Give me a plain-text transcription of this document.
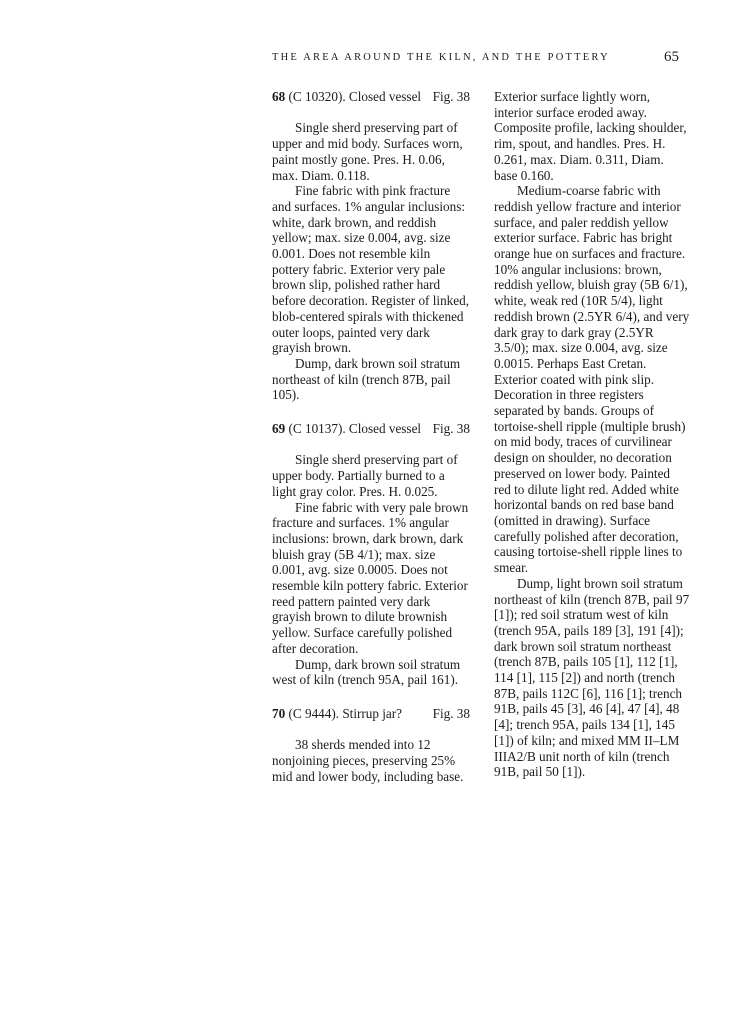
THE AREA AROUND THE KILN, AND THE POTTERY	65
68 (C 10320). Closed vessel Fig. 38

Single sherd preserving part of upper and mid body. Surfaces worn, paint mostly gone. Pres. H. 0.06, max. Diam. 0.118.

Fine fabric with pink fracture and surfaces. 1% angular inclusions: white, dark brown, and reddish yellow; max. size 0.004, avg. size 0.001. Does not resemble kiln pottery fabric. Exterior very pale brown slip, polished rather hard before decoration. Register of linked, blob-centered spirals with thickened outer loops, painted very dark grayish brown.

Dump, dark brown soil stratum northeast of kiln (trench 87B, pail 105).

69 (C 10137). Closed vessel Fig. 38

Single sherd preserving part of upper body. Partially burned to a light gray color. Pres. H. 0.025.

Fine fabric with very pale brown fracture and surfaces. 1% angular inclusions: brown, dark brown, dark bluish gray (5B 4/1); max. size 0.001, avg. size 0.0005. Does not resemble kiln pottery fabric. Exterior reed pattern painted very dark grayish brown to dilute brownish yellow. Surface carefully polished after decoration.

Dump, dark brown soil stratum west of kiln (trench 95A, pail 161).

70 (C 9444). Stirrup jar? Fig. 38

38 sherds mended into 12 nonjoining pieces, preserving 25% mid and lower body, including base.

Exterior surface lightly worn, interior surface eroded away. Composite profile, lacking shoulder, rim, spout, and handles. Pres. H. 0.261, max. Diam. 0.311, Diam. base 0.160.

Medium-coarse fabric with reddish yellow fracture and interior surface, and paler reddish yellow exterior surface. Fabric has bright orange hue on surfaces and fracture. 10% angular inclusions: brown, reddish yellow, bluish gray (5B 6/1), white, weak red (10R 5/4), light reddish brown (2.5YR 6/4), and very dark gray to dark gray (2.5YR 3.5/0); max. size 0.004, avg. size 0.0015. Perhaps East Cretan. Exterior coated with pink slip. Decoration in three registers separated by bands. Groups of tortoise-shell ripple (multiple brush) on mid body, traces of curvilinear design on shoulder, no decoration preserved on lower body. Painted red to dilute light red. Added white horizontal bands on red base band (omitted in drawing). Surface carefully polished after decoration, causing tortoise-shell ripple lines to smear.

Dump, light brown soil stratum northeast of kiln (trench 87B, pail 97 [1]); red soil stratum west of kiln (trench 95A, pails 189 [3], 191 [4]); dark brown soil stratum northeast (trench 87B, pails 105 [1], 112 [1], 114 [1], 115 [2]) and north (trench 87B, pails 112C [6], 116 [1]; trench 91B, pails 45 [3], 46 [4], 47 [4], 48 [4]; trench 95A, pails 134 [1], 145 [1]) of kiln; and mixed MM II–LM IIIA2/B unit north of kiln (trench 91B, pail 50 [1]).
